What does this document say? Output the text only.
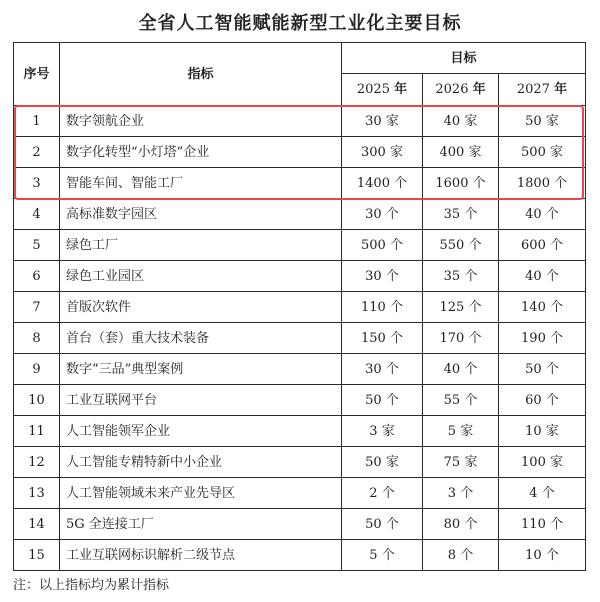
全省人工智能赋能新型工业化主要目标
序号	指标	目标		
		2025 年	2026 年	2027 年
1	数字领航企业	30 家	40 家	50 家
2	数字化转型“小灯塔”企业	300 家	400 家	500 家
3	智能车间、智能工厂	1400 个	1600 个	1800 个
4	高标准数字园区	30 个	35 个	40 个
5	绿色工厂	500 个	550 个	600 个
6	绿色工业园区	30 个	35 个	40 个
7	首版次软件	110 个	125 个	140 个
8	首台（套）重大技术装备	150 个	170 个	190 个
9	数字“三品”典型案例	30 个	40 个	50 个
10	工业互联网平台	50 个	55 个	60 个
11	人工智能领军企业	3 家	5 家	10 家
12	人工智能专精特新中小企业	50 家	75 家	100 家
13	人工智能领域未来产业先导区	2 个	3 个	4 个
14	5G 全连接工厂	50 个	80 个	110 个
15	工业互联网标识解析二级节点	5 个	8 个	10 个
注：以上指标均为累计指标
